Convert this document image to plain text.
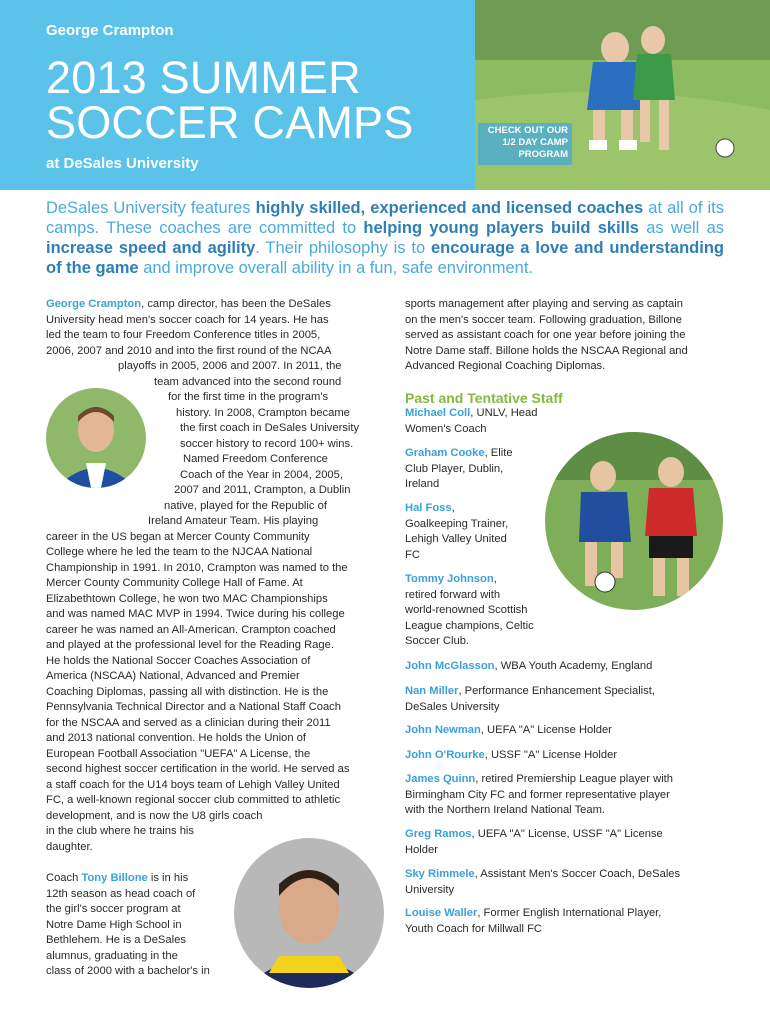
George Crampton
2013 SUMMER
SOCCER CAMPS
at DeSales University
CHECK OUT OUR
1/2 DAY CAMP
PROGRAM

DeSales University features highly skilled, experienced and licensed coaches at all of its camps. These coaches are committed to helping young players build skills as well as increase speed and agility. Their philosophy is to encourage a love and understanding of the game and improve overall ability in a fun, safe environment.

George Crampton, camp director, has been the DeSales
University head men's soccer coach for 14 years. He has
led the team to four Freedom Conference titles in 2005,
2006, 2007 and 2010 and into the first round of the NCAA
playoffs in 2005, 2006 and 2007. In 2011, the
team advanced into the second round
for the first time in the program's
history. In 2008, Crampton became
the first coach in DeSales University
soccer history to record 100+ wins.
Named Freedom Conference
Coach of the Year in 2004, 2005,
2007 and 2011, Crampton, a Dublin
native, played for the Republic of
Ireland Amateur Team. His playing
career in the US began at Mercer County Community
College where he led the team to the NJCAA National
Championship in 1991. In 2010, Crampton was named to the
Mercer County Community College Hall of Fame. At
Elizabethtown College, he won two MAC Championships
and was named MAC MVP in 1994. Twice during his college
career he was named an All-American. Crampton coached
and played at the professional level for the Reading Rage.
He holds the National Soccer Coaches Association of
America (NSCAA) National, Advanced and Premier
Coaching Diplomas, passing all with distinction. He is the
Pennsylvania Technical Director and a National Staff Coach
for the NSCAA and served as a clinician during their 2011
and 2013 national convention. He holds the Union of
European Football Association "UEFA" A License, the
second highest soccer certification in the world. He served as
a staff coach for the U14 boys team of Lehigh Valley United
FC, a well-known regional soccer club committed to athletic
development, and is now the U8 girls coach
in the club where he trains his
daughter.
Coach Tony Billone is in his
12th season as head coach of
the girl's soccer program at
Notre Dame High School in
Bethlehem. He is a DeSales
alumnus, graduating in the
class of 2000 with a bachelor's in
sports management after playing and serving as captain
on the men's soccer team. Following graduation, Billone
served as assistant coach for one year before joining the
Notre Dame staff. Billone holds the NSCAA Regional and
Advanced Regional Coaching Diplomas.
Past and Tentative Staff
Michael Coll, UNLV, Head
Women's Coach
Graham Cooke, Elite
Club Player, Dublin,
Ireland
Hal Foss,
Goalkeeping Trainer,
Lehigh Valley United
FC
Tommy Johnson,
retired forward with
world-renowned Scottish
League champions, Celtic
Soccer Club.
John McGlasson, WBA Youth Academy, England
Nan Miller, Performance Enhancement Specialist,
DeSales University
John Newman, UEFA "A" License Holder
John O'Rourke, USSF "A" License Holder
James Quinn, retired Premiership League player with
Birmingham City FC and former representative player
with the Northern Ireland National Team.
Greg Ramos, UEFA "A" License, USSF "A" License
Holder
Sky Rimmele, Assistant Men's Soccer Coach, DeSales
University
Louise Waller, Former English International Player,
Youth Coach for Millwall FC
